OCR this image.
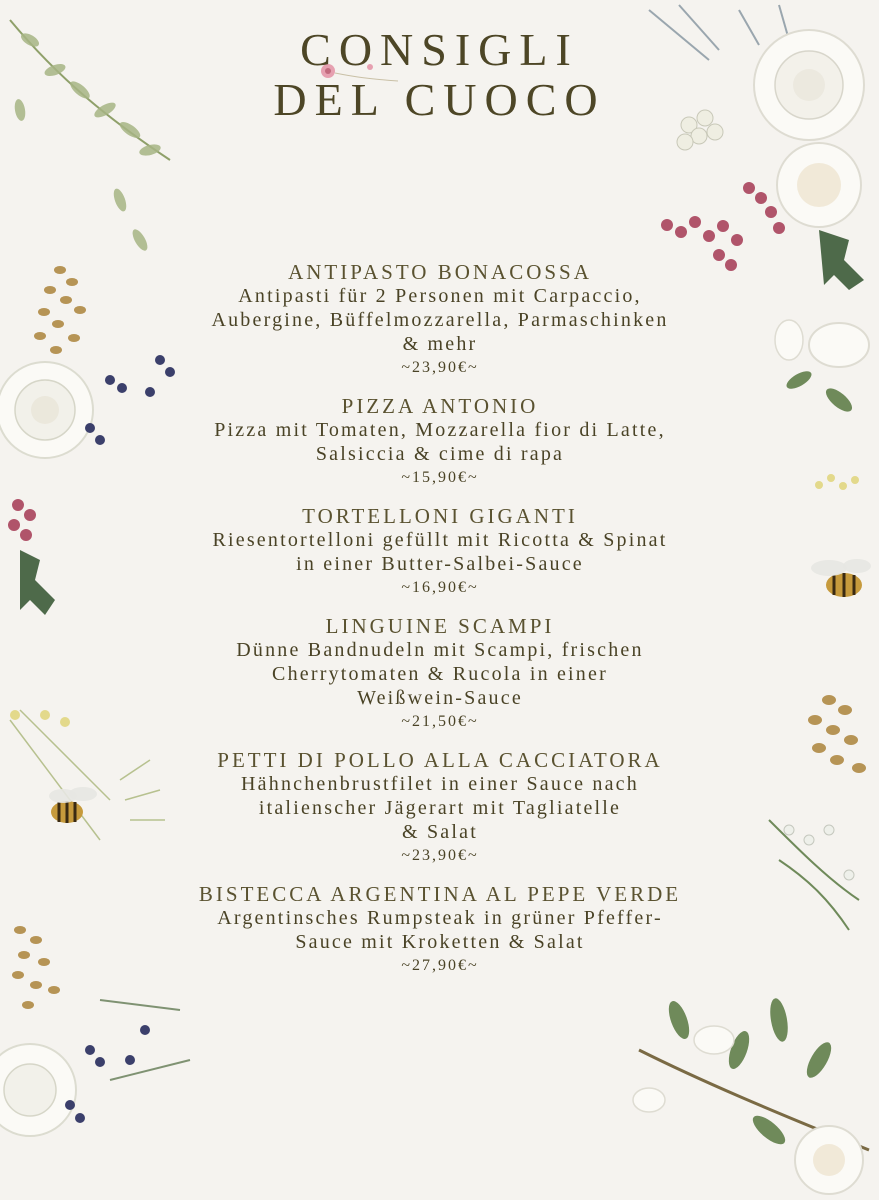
CONSIGLI
DEL CUOCO
ANTIPASTO BONACOSSA
Antipasti für 2 Personen mit Carpaccio,
Aubergine, Büffelmozzarella, Parmaschinken
& mehr
~23,90€~
PIZZA ANTONIO
Pizza mit Tomaten, Mozzarella fior di Latte,
Salsiccia & cime di rapa
~15,90€~
TORTELLONI GIGANTI
Riesentortelloni gefüllt mit Ricotta & Spinat
in einer Butter-Salbei-Sauce
~16,90€~
LINGUINE SCAMPI
Dünne Bandnudeln mit Scampi, frischen
Cherrytomaten & Rucola in einer
Weißwein-Sauce
~21,50€~
PETTI DI POLLO ALLA CACCIATORA
Hähnchenbrustfilet in einer Sauce nach
italienscher Jägerart mit Tagliatelle
& Salat
~23,90€~
BISTECCA ARGENTINA AL PEPE VERDE
Argentinsches Rumpsteak in grüner Pfeffer-
Sauce mit Kroketten & Salat
~27,90€~
